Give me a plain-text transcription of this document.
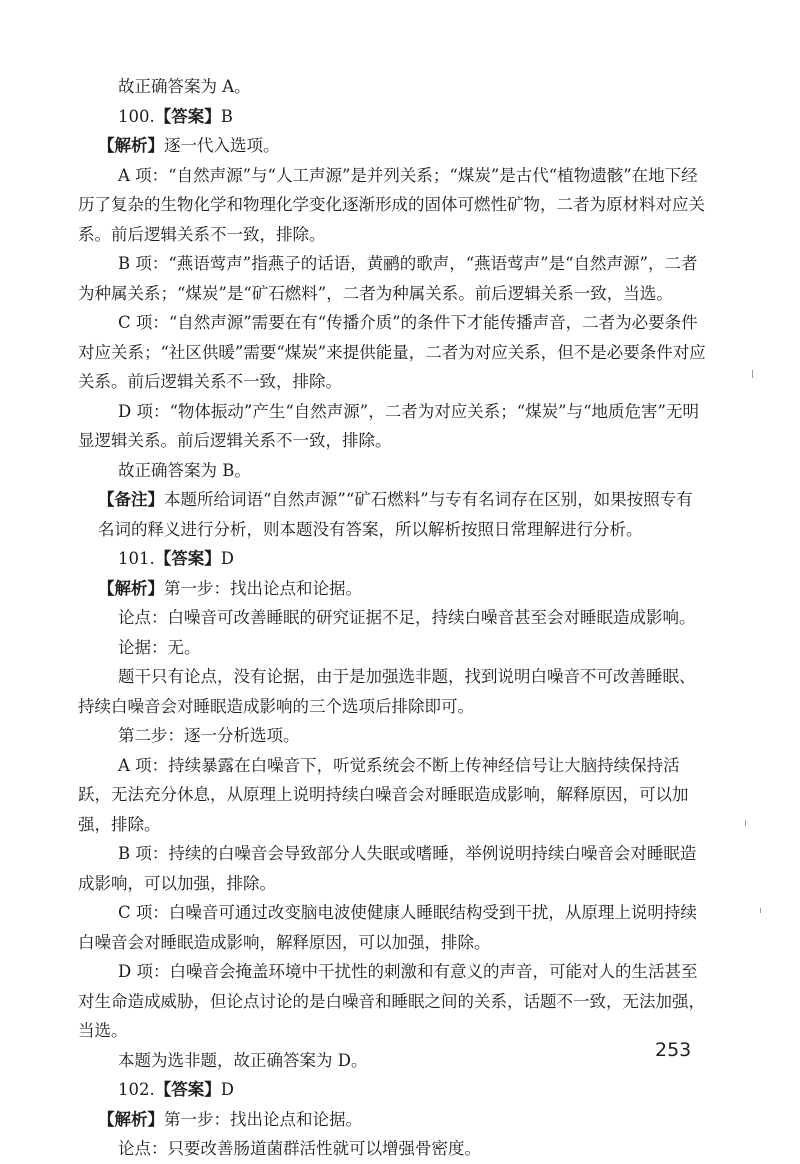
故正确答案为 A。

100.【答案】B

【解析】逐一代入选项。

A 项：“自然声源”与“人工声源”是并列关系；“煤炭”是古代“植物遗骸”在地下经历了复杂的生物化学和物理化学变化逐渐形成的固体可燃性矿物，二者为原材料对应关系。前后逻辑关系不一致，排除。

B 项：“燕语莺声”指燕子的话语，黄鹂的歌声，“燕语莺声”是“自然声源”，二者为种属关系；“煤炭”是“矿石燃料”，二者为种属关系。前后逻辑关系一致，当选。

C 项：“自然声源”需要在有“传播介质”的条件下才能传播声音，二者为必要条件对应关系；“社区供暖”需要“煤炭”来提供能量，二者为对应关系，但不是必要条件对应关系。前后逻辑关系不一致，排除。

D 项：“物体振动”产生“自然声源”，二者为对应关系；“煤炭”与“地质危害”无明显逻辑关系。前后逻辑关系不一致，排除。

故正确答案为 B。

【备注】本题所给词语“自然声源”“矿石燃料”与专有名词存在区别，如果按照专有名词的释义进行分析，则本题没有答案，所以解析按照日常理解进行分析。

101.【答案】D

【解析】第一步：找出论点和论据。

论点：白噪音可改善睡眠的研究证据不足，持续白噪音甚至会对睡眠造成影响。

论据：无。

题干只有论点，没有论据，由于是加强选非题，找到说明白噪音不可改善睡眠、持续白噪音会对睡眠造成影响的三个选项后排除即可。

第二步：逐一分析选项。

A 项：持续暴露在白噪音下，听觉系统会不断上传神经信号让大脑持续保持活跃，无法充分休息，从原理上说明持续白噪音会对睡眠造成影响，解释原因，可以加强，排除。

B 项：持续的白噪音会导致部分人失眠或嗜睡，举例说明持续白噪音会对睡眠造成影响，可以加强，排除。

C 项：白噪音可通过改变脑电波使健康人睡眠结构受到干扰，从原理上说明持续白噪音会对睡眠造成影响，解释原因，可以加强，排除。

D 项：白噪音会掩盖环境中干扰性的刺激和有意义的声音，可能对人的生活甚至对生命造成威胁，但论点讨论的是白噪音和睡眠之间的关系，话题不一致，无法加强，当选。

本题为选非题，故正确答案为 D。

102.【答案】D

【解析】第一步：找出论点和论据。

论点：只要改善肠道菌群活性就可以增强骨密度。

253
